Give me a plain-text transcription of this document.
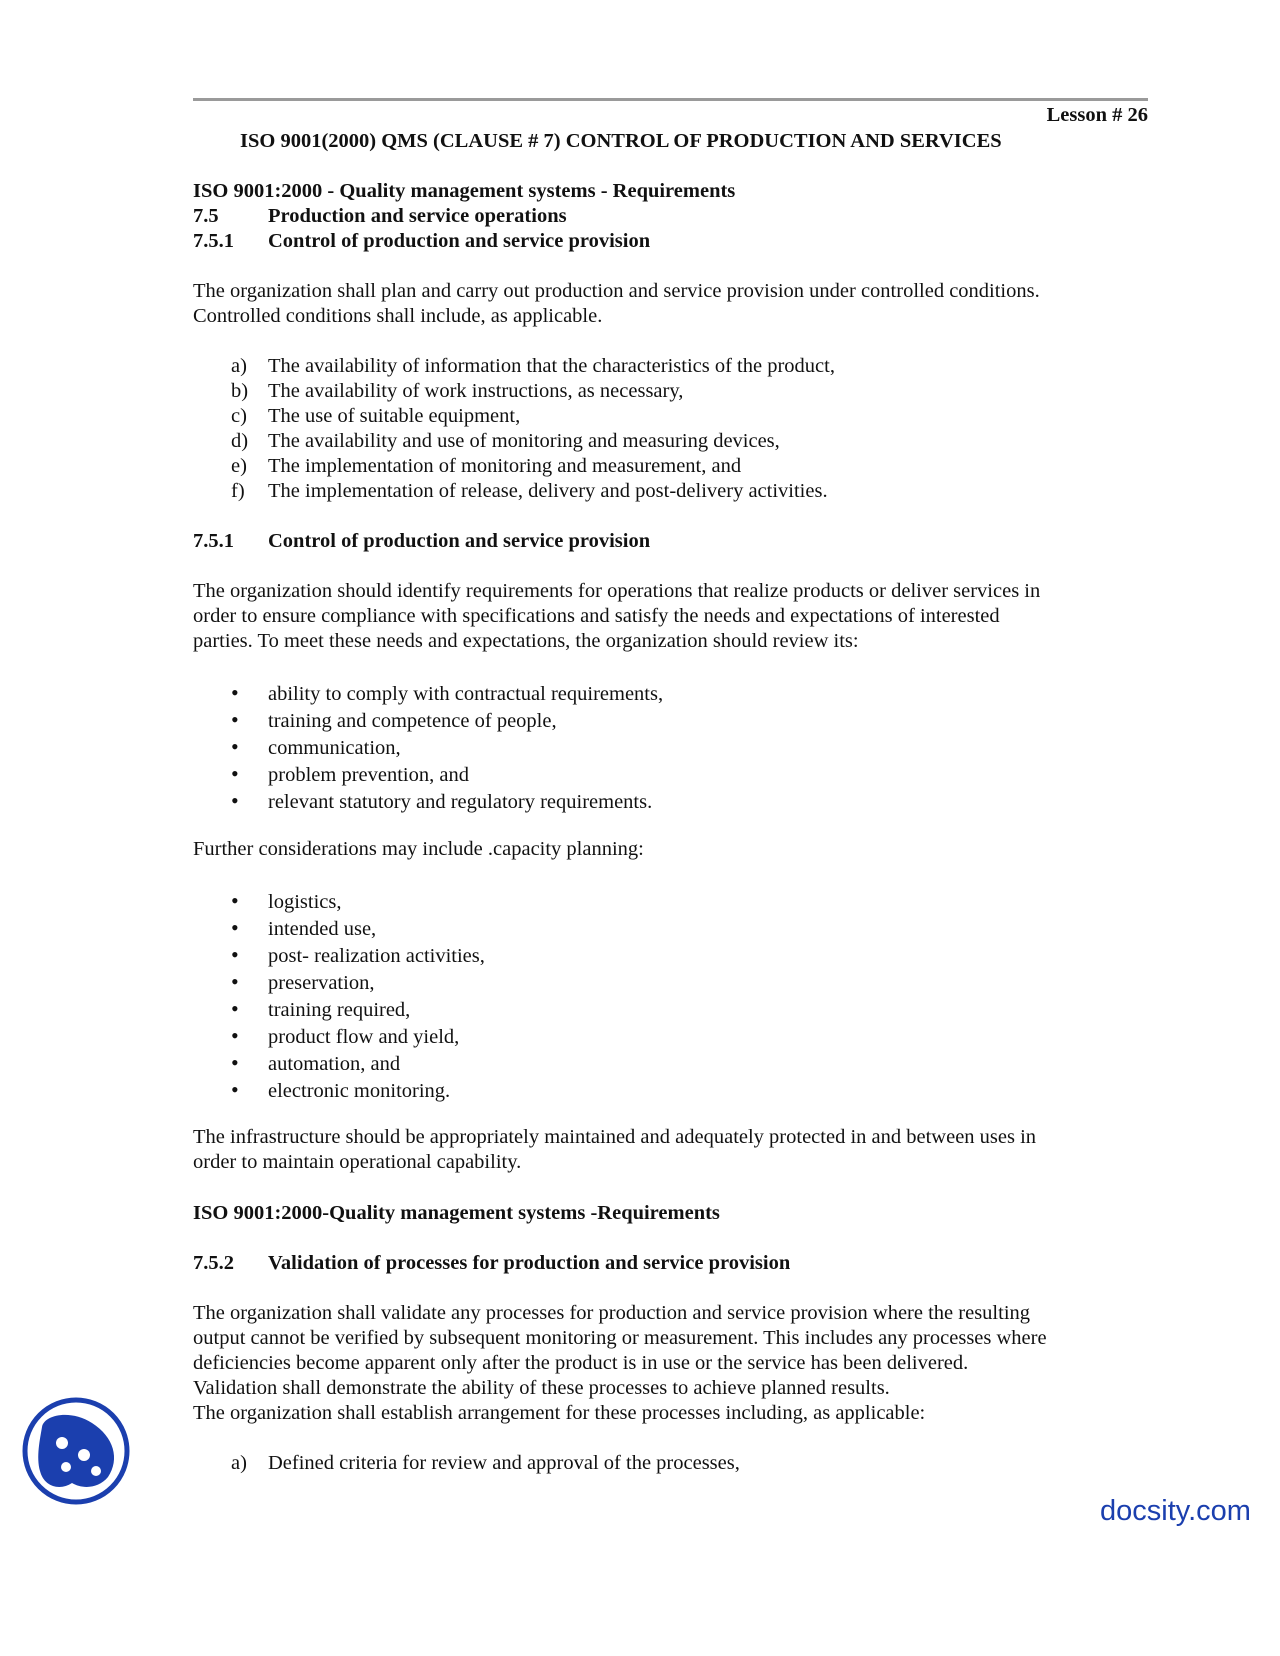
Lesson # 26
ISO 9001(2000) QMS (CLAUSE # 7) CONTROL OF PRODUCTION AND SERVICES
ISO 9001:2000 - Quality management systems - Requirements
7.5 Production and service operations
7.5.1 Control of production and service provision
The organization shall plan and carry out production and service provision under controlled conditions.
Controlled conditions shall include, as applicable.
a) The availability of information that the characteristics of the product,
b) The availability of work instructions, as necessary,
c) The use of suitable equipment,
d) The availability and use of monitoring and measuring devices,
e) The implementation of monitoring and measurement, and
f) The implementation of release, delivery and post-delivery activities.
7.5.1 Control of production and service provision
The organization should identify requirements for operations that realize products or deliver services in
order to ensure compliance with specifications and satisfy the needs and expectations of interested
parties. To meet these needs and expectations, the organization should review its:
• ability to comply with contractual requirements,
• training and competence of people,
• communication,
• problem prevention, and
• relevant statutory and regulatory requirements.
Further considerations may include .capacity planning:
• logistics,
• intended use,
• post- realization activities,
• preservation,
• training required,
• product flow and yield,
• automation, and
• electronic monitoring.
The infrastructure should be appropriately maintained and adequately protected in and between uses in
order to maintain operational capability.
ISO 9001:2000-Quality management systems -Requirements
7.5.2 Validation of processes for production and service provision
The organization shall validate any processes for production and service provision where the resulting
output cannot be verified by subsequent monitoring or measurement. This includes any processes where
deficiencies become apparent only after the product is in use or the service has been delivered.
Validation shall demonstrate the ability of these processes to achieve planned results.
The organization shall establish arrangement for these processes including, as applicable:
a) Defined criteria for review and approval of the processes,
docsity.com
